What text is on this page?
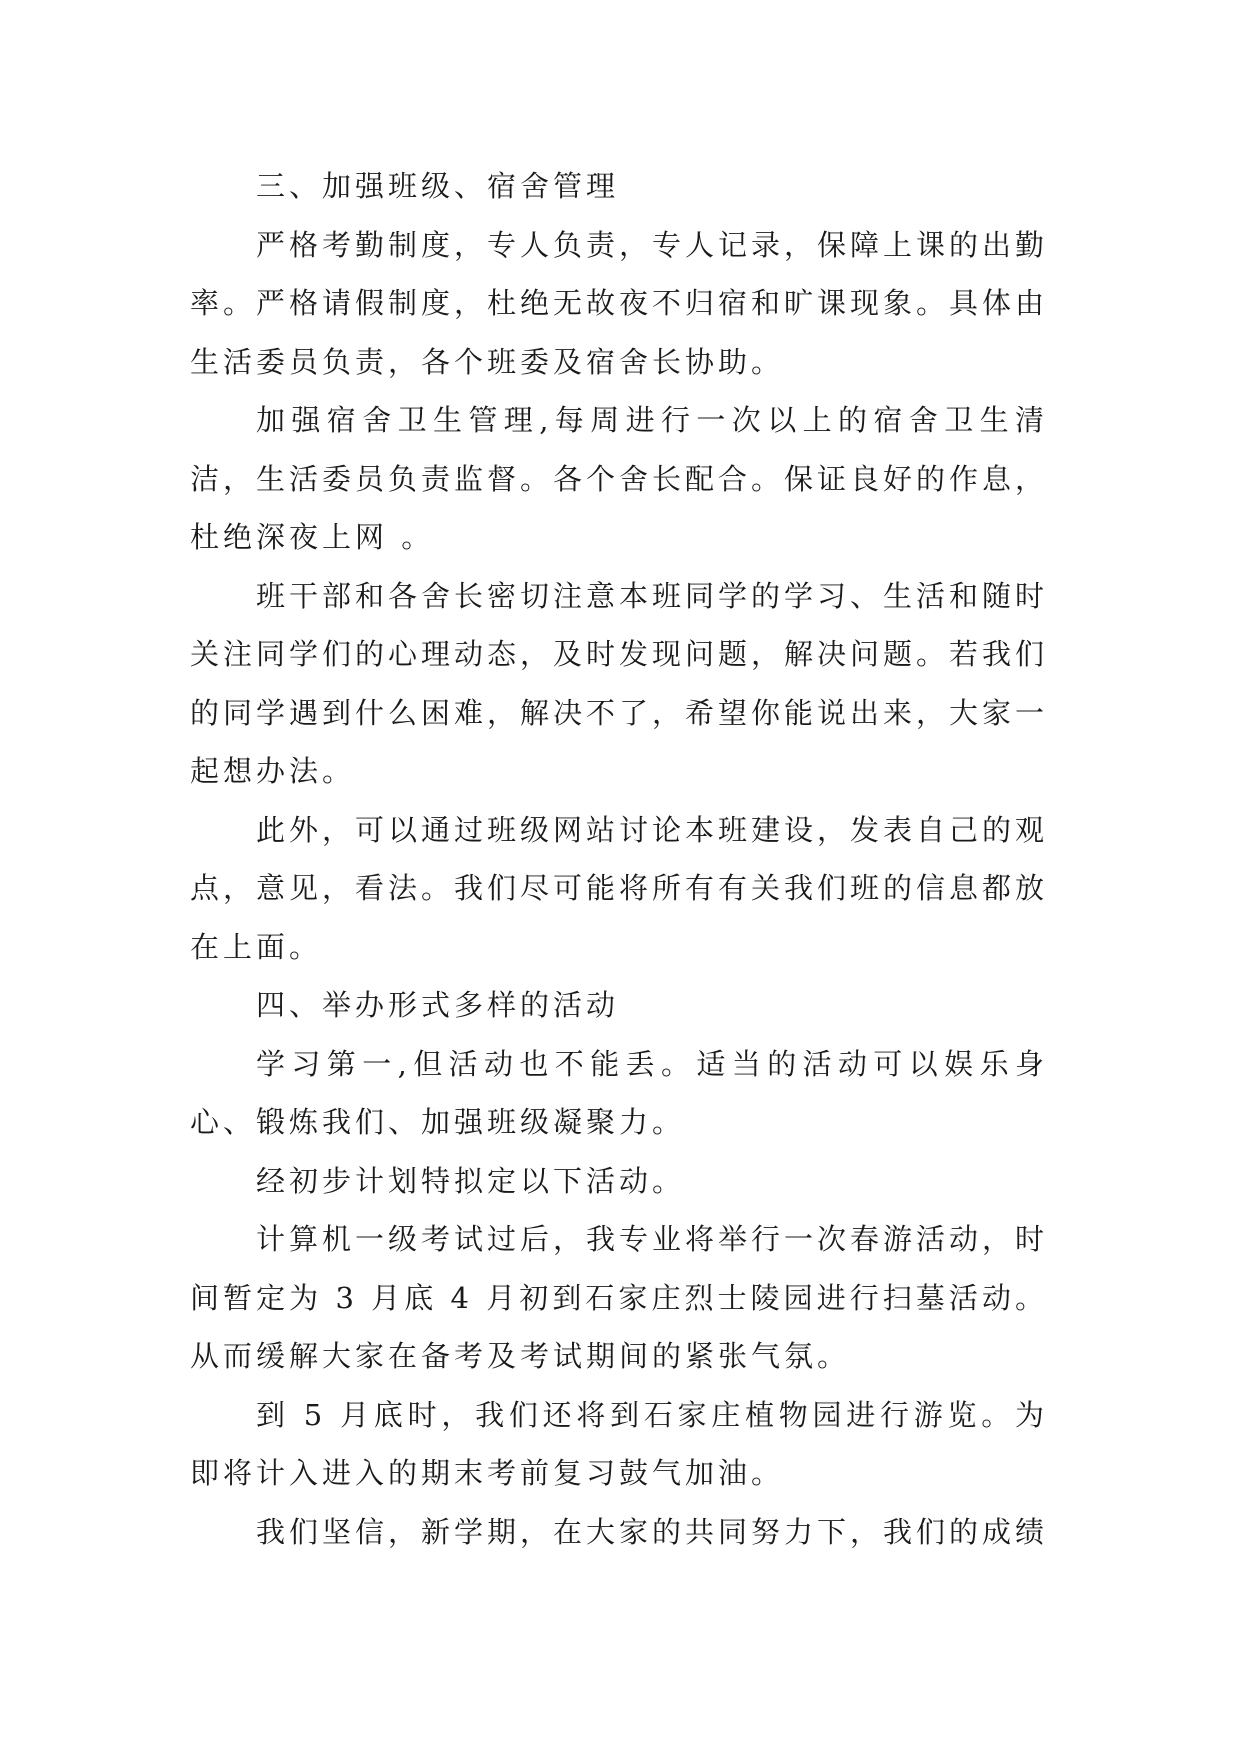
三、加强班级、宿舍管理

严格考勤制度，专人负责，专人记录，保障上课的出勤率。严格请假制度，杜绝无故夜不归宿和旷课现象。具体由生活委员负责，各个班委及宿舍长协助。

加强宿舍卫生管理,每周进行一次以上的宿舍卫生清洁，生活委员负责监督。各个舍长配合。保证良好的作息，杜绝深夜上网 。

班干部和各舍长密切注意本班同学的学习、生活和随时关注同学们的心理动态，及时发现问题，解决问题。若我们的同学遇到什么困难，解决不了，希望你能说出来，大家一起想办法。

此外，可以通过班级网站讨论本班建设，发表自己的观点，意见，看法。我们尽可能将所有有关我们班的信息都放在上面。

四、举办形式多样的活动

学习第一,但活动也不能丢。适当的活动可以娱乐身心、锻炼我们、加强班级凝聚力。

经初步计划特拟定以下活动。

计算机一级考试过后，我专业将举行一次春游活动，时间暂定为 3 月底 4 月初到石家庄烈士陵园进行扫墓活动。从而缓解大家在备考及考试期间的紧张气氛。

到 5 月底时，我们还将到石家庄植物园进行游览。为即将计入进入的期末考前复习鼓气加油。

我们坚信，新学期，在大家的共同努力下，我们的成绩
